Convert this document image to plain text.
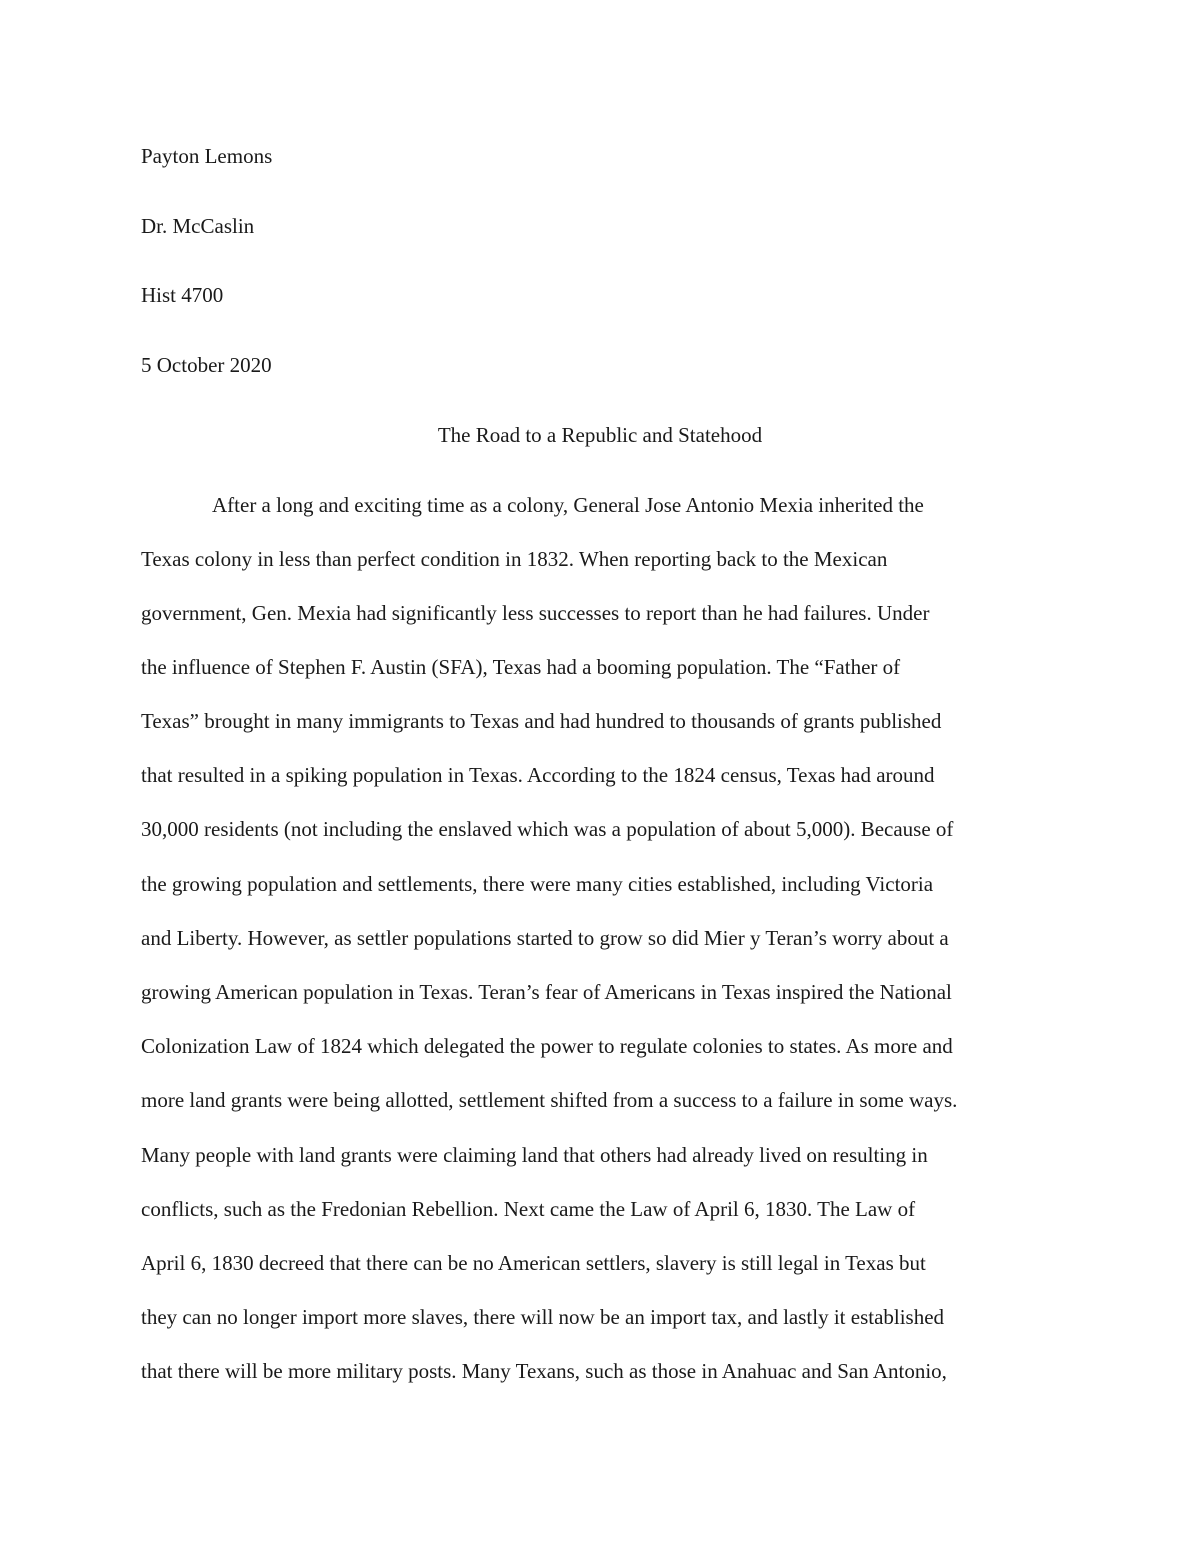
Payton Lemons
Dr. McCaslin
Hist 4700
5 October 2020
The Road to a Republic and Statehood
After a long and exciting time as a colony, General Jose Antonio Mexia inherited the
Texas colony in less than perfect condition in 1832. When reporting back to the Mexican
government, Gen. Mexia had significantly less successes to report than he had failures. Under
the influence of Stephen F. Austin (SFA), Texas had a booming population. The “Father of
Texas” brought in many immigrants to Texas and had hundred to thousands of grants published
that resulted in a spiking population in Texas. According to the 1824 census, Texas had around
30,000 residents (not including the enslaved which was a population of about 5,000). Because of
the growing population and settlements, there were many cities established, including Victoria
and Liberty. However, as settler populations started to grow so did Mier y Teran’s worry about a
growing American population in Texas. Teran’s fear of Americans in Texas inspired the National
Colonization Law of 1824 which delegated the power to regulate colonies to states. As more and
more land grants were being allotted, settlement shifted from a success to a failure in some ways.
Many people with land grants were claiming land that others had already lived on resulting in
conflicts, such as the Fredonian Rebellion. Next came the Law of April 6, 1830. The Law of
April 6, 1830 decreed that there can be no American settlers, slavery is still legal in Texas but
they can no longer import more slaves, there will now be an import tax, and lastly it established
that there will be more military posts. Many Texans, such as those in Anahuac and San Antonio,
